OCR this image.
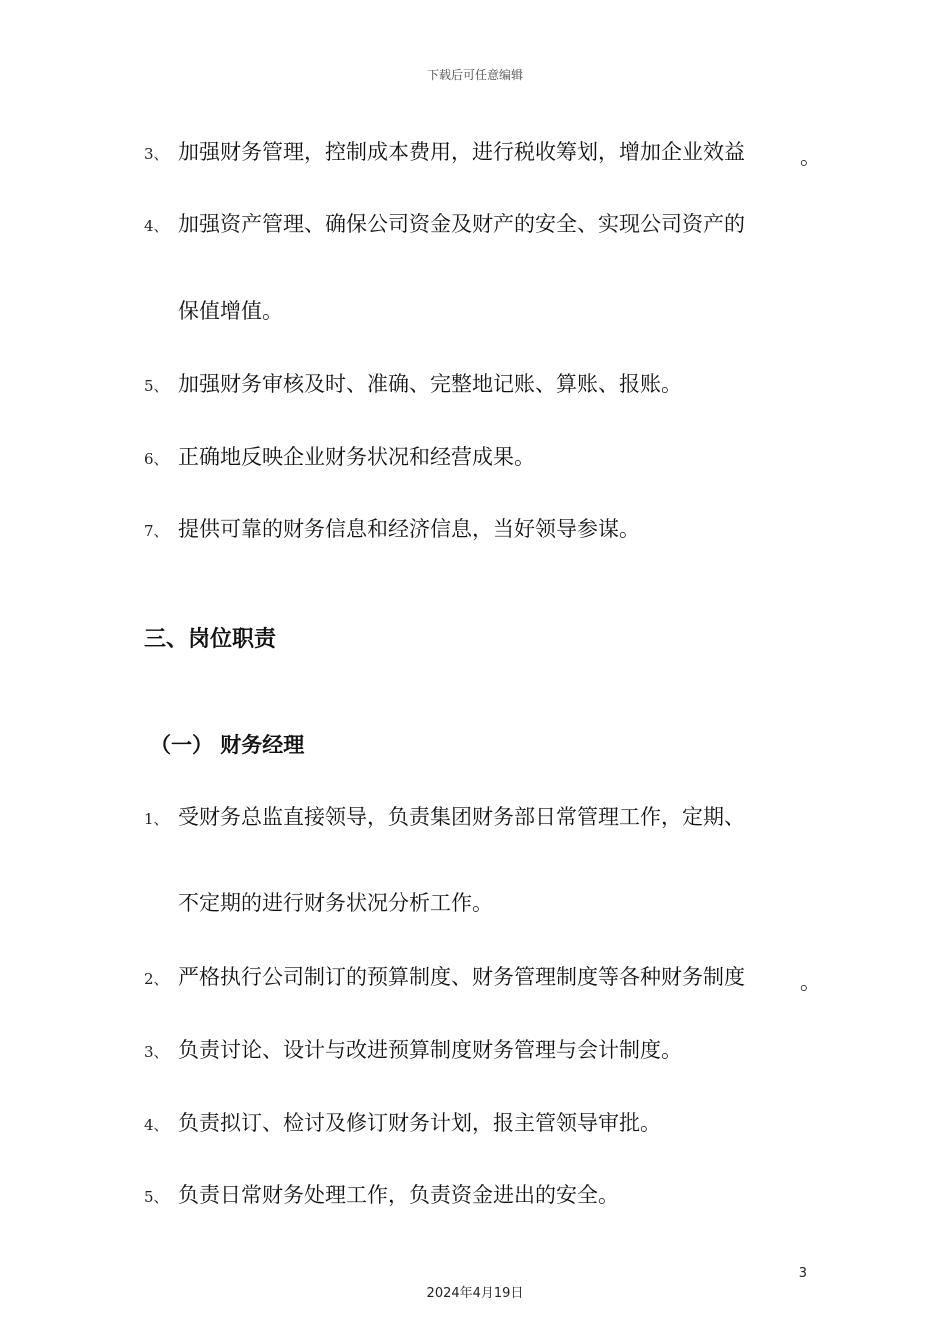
下载后可任意编辑
3、 加强财务管理，控制成本费用，进行税收筹划，增加企业效益	。
4、 加强资产管理、确保公司资金及财产的安全、实现公司资产的
保值增值。
5、 加强财务审核及时、准确、完整地记账、算账、报账。
6、 正确地反映企业财务状况和经营成果。
7、 提供可靠的财务信息和经济信息，当好领导参谋。
三、岗位职责
（一） 财务经理
1、 受财务总监直接领导，负责集团财务部日常管理工作，定期、
不定期的进行财务状况分析工作。
2、 严格执行公司制订的预算制度、财务管理制度等各种财务制度	。
3、 负责讨论、设计与改进预算制度财务管理与会计制度。
4、 负责拟订、检讨及修订财务计划，报主管领导审批。
5、 负责日常财务处理工作，负责资金进出的安全。
3
2024年4月19日
